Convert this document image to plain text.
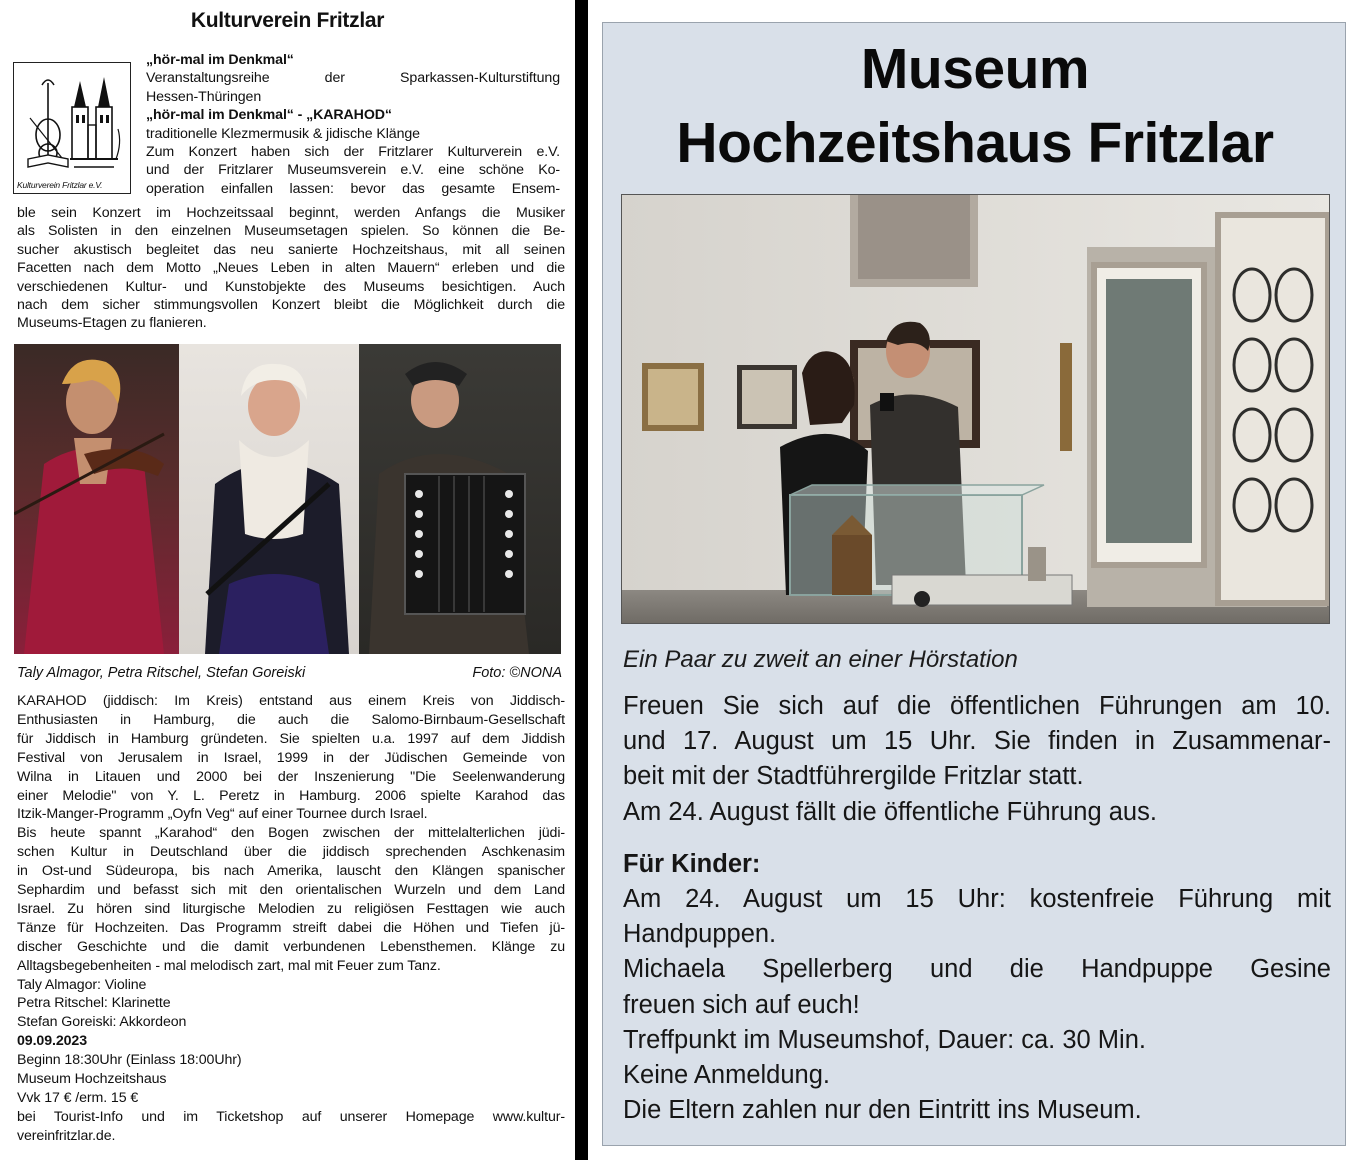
Kulturverein Fritzlar
Kulturverein Fritzlar e.V.
„hör-mal im Denkmal“
Veranstaltungsreihe der Sparkassen-Kulturstiftung
Hessen-Thüringen
„hör-mal im Denkmal“ - „KARAHOD“
traditionelle Klezmermusik & jidische Klänge
Zum Konzert haben sich der Fritzlarer Kulturverein e.V.
und der Fritzlarer Museumsverein e.V. eine schöne Ko-
operation einfallen lassen: bevor das gesamte Ensem-
ble sein Konzert im Hochzeitssaal beginnt, werden Anfangs die Musiker
als Solisten in den einzelnen Museumsetagen spielen. So können die Be-
sucher akustisch begleitet das neu sanierte Hochzeitshaus, mit all seinen
Facetten nach dem Motto „Neues Leben in alten Mauern“ erleben und die
verschiedenen Kultur- und Kunstobjekte des Museums besichtigen. Auch
nach dem sicher stimmungsvollen Konzert bleibt die Möglichkeit durch die
Museums-Etagen zu flanieren.
Taly Almagor, Petra Ritschel, Stefan Goreiski	Foto: ©NONA
KARAHOD (jiddisch: Im Kreis) entstand aus einem Kreis von Jiddisch-
Enthusiasten in Hamburg, die auch die Salomo-Birnbaum-Gesellschaft
für Jiddisch in Hamburg gründeten. Sie spielten u.a. 1997 auf dem Jiddish
Festival von Jerusalem in Israel, 1999 in der Jüdischen Gemeinde von
Wilna in Litauen und 2000 bei der Inszenierung "Die Seelenwanderung
einer Melodie" von Y. L. Peretz in Hamburg. 2006 spielte Karahod das
Itzik-Manger-Programm „Oyfn Veg“ auf einer Tournee durch Israel.
Bis heute spannt „Karahod“ den Bogen zwischen der mittelalterlichen jüdi-
schen Kultur in Deutschland über die jiddisch sprechenden Aschkenasim
in Ost-und Südeuropa, bis nach Amerika, lauscht den Klängen spanischer
Sephardim und befasst sich mit den orientalischen Wurzeln und dem Land
Israel. Zu hören sind liturgische Melodien zu religiösen Festtagen wie auch
Tänze für Hochzeiten. Das Programm streift dabei die Höhen und Tiefen jü-
discher Geschichte und die damit verbundenen Lebensthemen. Klänge zu
Alltagsbegebenheiten - mal melodisch zart, mal mit Feuer zum Tanz.
Taly Almagor: Violine
Petra Ritschel: Klarinette
Stefan Goreiski: Akkordeon
09.09.2023
Beginn 18:30Uhr (Einlass 18:00Uhr)
Museum Hochzeitshaus
Vvk 17 € /erm. 15 €
bei Tourist-Info und im Ticketshop auf unserer Homepage www.kultur-
vereinfritzlar.de.
Museum
Hochzeitshaus Fritzlar
Ein Paar zu zweit an einer Hörstation
Freuen Sie sich auf die öffentlichen Führungen am 10.
und 17. August um 15 Uhr. Sie finden in Zusammenar-
beit mit der Stadtführergilde Fritzlar statt.
Am 24. August fällt die öffentliche Führung aus.
Für Kinder:
Am 24. August um 15 Uhr: kostenfreie Führung mit
Handpuppen.
Michaela Spellerberg und die Handpuppe Gesine
freuen sich auf euch!
Treffpunkt im Museumshof, Dauer: ca. 30 Min.
Keine Anmeldung.
Die Eltern zahlen nur den Eintritt ins Museum.
